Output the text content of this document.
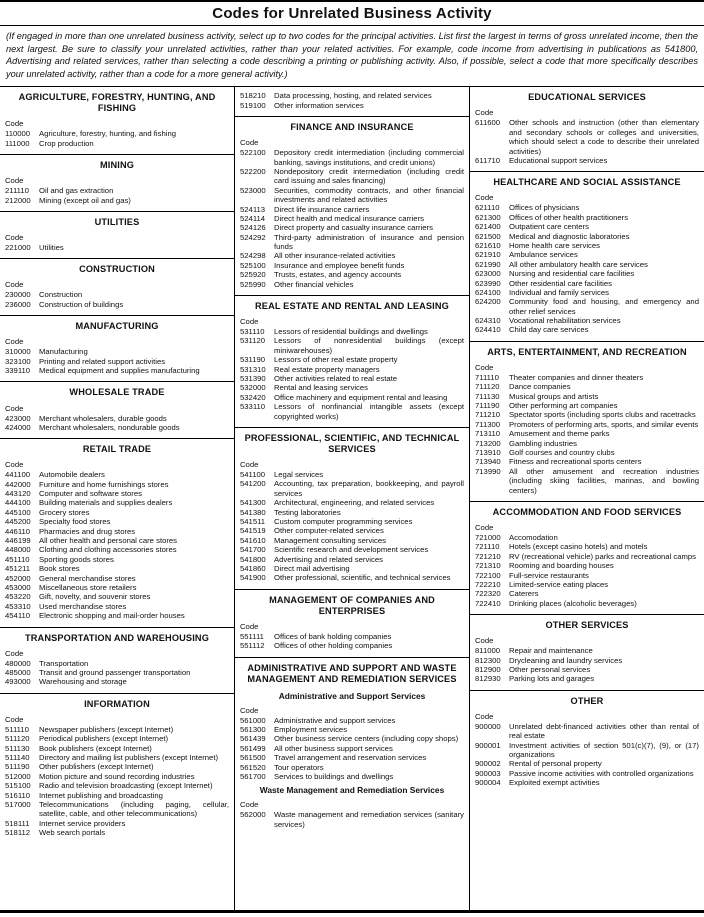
Codes for Unrelated Business Activity
(If engaged in more than one unrelated business activity, select up to two codes for the principal activities. List first the largest in terms of gross unrelated income, then the next largest. Be sure to classify your unrelated activities, rather than your related activities. For example, code income from advertising in publications as 541800, Advertising and related services, rather than selecting a code describing a printing or publishing activity. Also, if possible, select a code that more specifically describes your unrelated activity, rather than a code for a more general activity.)
AGRICULTURE, FORESTRY, HUNTING, AND FISHING
Code
110000	Agriculture, forestry, hunting, and fishing
111000	Crop production
MINING
Code
211110	Oil and gas extraction
212000	Mining (except oil and gas)
UTILITIES
Code
221000	Utilities
CONSTRUCTION
Code
230000	Construction
236000	Construction of buildings
MANUFACTURING
Code
310000	Manufacturing
323100	Printing and related support activities
339110	Medical equipment and supplies manufacturing
WHOLESALE TRADE
Code
423000	Merchant wholesalers, durable goods
424000	Merchant wholesalers, nondurable goods
RETAIL TRADE
Code
441100	Automobile dealers
442000	Furniture and home furnishings stores
443120	Computer and software stores
444100	Building materials and supplies dealers
445100	Grocery stores
445200	Specialty food stores
446110	Pharmacies and drug stores
446199	All other health and personal care stores
448000	Clothing and clothing accessories stores
451110	Sporting goods stores
451211	Book stores
452000	General merchandise stores
453000	Miscellaneous store retailers
453220	Gift, novelty, and souvenir stores
453310	Used merchandise stores
454110	Electronic shopping and mail-order houses
TRANSPORTATION AND WAREHOUSING
Code
480000	Transportation
485000	Transit and ground passenger transportation
493000	Warehousing and storage
INFORMATION
Code
511110	Newspaper publishers (except Internet)
511120	Periodical publishers (except Internet)
511130	Book publishers (except Internet)
511140	Directory and mailing list publishers (except Internet)
511190	Other publishers (except Internet)
512000	Motion picture and sound recording industries
515100	Radio and television broadcasting (except Internet)
516110	Internet publishing and broadcasting
517000	Telecommunications (including paging, cellular, satellite, cable, and other telecommunications)
518111	Internet service providers
518112	Web search portals
518210	Data processing, hosting, and related services
519100	Other information services
FINANCE AND INSURANCE
Code
522100	Depository credit intermediation (including commercial banking, savings institutions, and credit unions)
522200	Nondepository credit intermediation (including credit card issuing and sales financing)
523000	Securities, commodity contracts, and other financial investments and related activities
524113	Direct life insurance carriers
524114	Direct health and medical insurance carriers
524126	Direct property and casualty insurance carriers
524292	Third-party administration of insurance and pension funds
524298	All other insurance-related activities
525100	Insurance and employee benefit funds
525920	Trusts, estates, and agency accounts
525990	Other financial vehicles
REAL ESTATE AND RENTAL AND LEASING
Code
531110	Lessors of residential buildings and dwellings
531120	Lessors of nonresidential buildings (except miniwarehouses)
531190	Lessors of other real estate property
531310	Real estate property managers
531390	Other activities related to real estate
532000	Rental and leasing services
532420	Office machinery and equipment rental and leasing
533110	Lessors of nonfinancial intangible assets (except copyrighted works)
PROFESSIONAL, SCIENTIFIC, AND TECHNICAL SERVICES
Code
541100	Legal services
541200	Accounting, tax preparation, bookkeeping, and payroll services
541300	Architectural, engineering, and related services
541380	Testing laboratories
541511	Custom computer programming services
541519	Other computer-related services
541610	Management consulting services
541700	Scientific research and development services
541800	Advertising and related services
541860	Direct mail advertising
541900	Other professional, scientific, and technical services
MANAGEMENT OF COMPANIES AND ENTERPRISES
Code
551111	Offices of bank holding companies
551112	Offices of other holding companies
ADMINISTRATIVE AND SUPPORT AND WASTE MANAGEMENT AND REMEDIATION SERVICES
Administrative and Support Services
Code
561000	Administrative and support services
561300	Employment services
561439	Other business service centers (including copy shops)
561499	All other business support services
561500	Travel arrangement and reservation services
561520	Tour operators
561700	Services to buildings and dwellings
Waste Management and Remediation Services
Code
562000	Waste management and remediation services (sanitary services)
EDUCATIONAL SERVICES
Code
611600	Other schools and instruction (other than elementary and secondary schools or colleges and universities, which should select a code to describe their unrelated activities)
611710	Educational support services
HEALTHCARE AND SOCIAL ASSISTANCE
Code
621110	Offices of physicians
621300	Offices of other health practitioners
621400	Outpatient care centers
621500	Medical and diagnostic laboratories
621610	Home health care services
621910	Ambulance services
621990	All other ambulatory health care services
623000	Nursing and residential care facilities
623990	Other residential care facilities
624100	Individual and family services
624200	Community food and housing, and emergency and other relief services
624310	Vocational rehabilitation services
624410	Child day care services
ARTS, ENTERTAINMENT, AND RECREATION
Code
711110	Theater companies and dinner theaters
711120	Dance companies
711130	Musical groups and artists
711190	Other performing art companies
711210	Spectator sports (including sports clubs and racetracks
711300	Promoters of performing arts, sports, and similar events
713110	Amusement and theme parks
713200	Gambling industries
713910	Golf courses and country clubs
713940	Fitness and recreational sports centers
713990	All other amusement and recreation industries (including skiing facilities, marinas, and bowling centers)
ACCOMMODATION AND FOOD SERVICES
Code
721000	Accomodation
721110	Hotels (except casino hotels) and motels
721210	RV (recreational vehicle) parks and recreational camps
721310	Rooming and boarding houses
722100	Full-service restaurants
722210	Limited-service eating places
722320	Caterers
722410	Drinking places (alcoholic beverages)
OTHER SERVICES
Code
811000	Repair and maintenance
812300	Drycleaning and laundry services
812900	Other personal services
812930	Parking lots and garages
OTHER
Code
900000	Unrelated debt-financed activities other than rental of real estate
900001	Investment activities of section 501(c)(7), (9), or (17) organizations
900002	Rental of personal property
900003	Passive income activities with controlled organizations
900004	Exploited exempt activities
